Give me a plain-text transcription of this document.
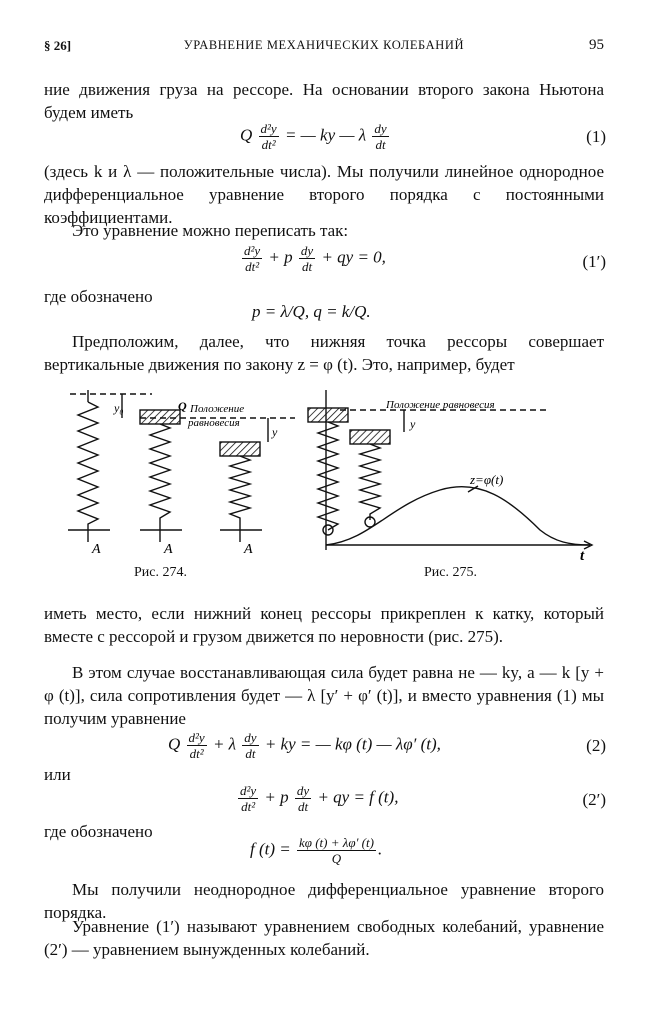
§ 26]	УРАВНЕНИЕ МЕХАНИЧЕСКИХ КОЛЕБАНИЙ	95

ние движения груза на рессоре. На основании второго закона Ньютона будем иметь

Q $\frac{\text{d²y}}{\text{dt²}}$ = — ky — λ $\frac{dy}{dt}$	(1)

(здесь k и λ — положительные числа). Мы получили линейное однородное дифференциальное уравнение второго порядка с постоянными коэффициентами.

Это уравнение можно переписать так:

$\frac{\text{d²y}}{\text{dt²}} + p \frac{dy}{dt}$ + qy = 0,	(1′)

где обозначено

p = λ/Q, q = k/Q.

Предположим, далее, что нижняя точка рессоры совершает вертикальные движения по закону z = φ (t). Это, например, будет

Q
y₀	Положение
равновесия
y
A	A	A
Рис. 274.
Положение равновесия
y
z=φ(t)
t
Рис. 275.

иметь место, если нижний конец рессоры прикреплен к катку, который вместе с рессорой и грузом движется по неровности (рис. 275).

В этом случае восстанавливающая сила будет равна не — ky, а — k [y + φ (t)], сила сопротивления будет — λ [y′ + φ′ (t)], и вместо уравнения (1) мы получим уравнение

Q $\frac{\text{d²y}}{\text{dt²}} + \lambda \frac{dy}{dt}$ + ky = — kφ (t) — λφ′ (t),	(2)

или

$\frac{\text{d²y}}{\text{dt²}} + p \frac{dy}{dt}$ + qy = f (t),	(2′)

где обозначено

f $(t) = \frac{k\varphi (t) + \lambda\varphi' (t)}{Q}$ .

Мы получили неоднородное дифференциальное уравнение второго порядка.

Уравнение (1′) называют уравнением свободных колебаний, уравнение (2′) — уравнением вынужденных колебаний.
